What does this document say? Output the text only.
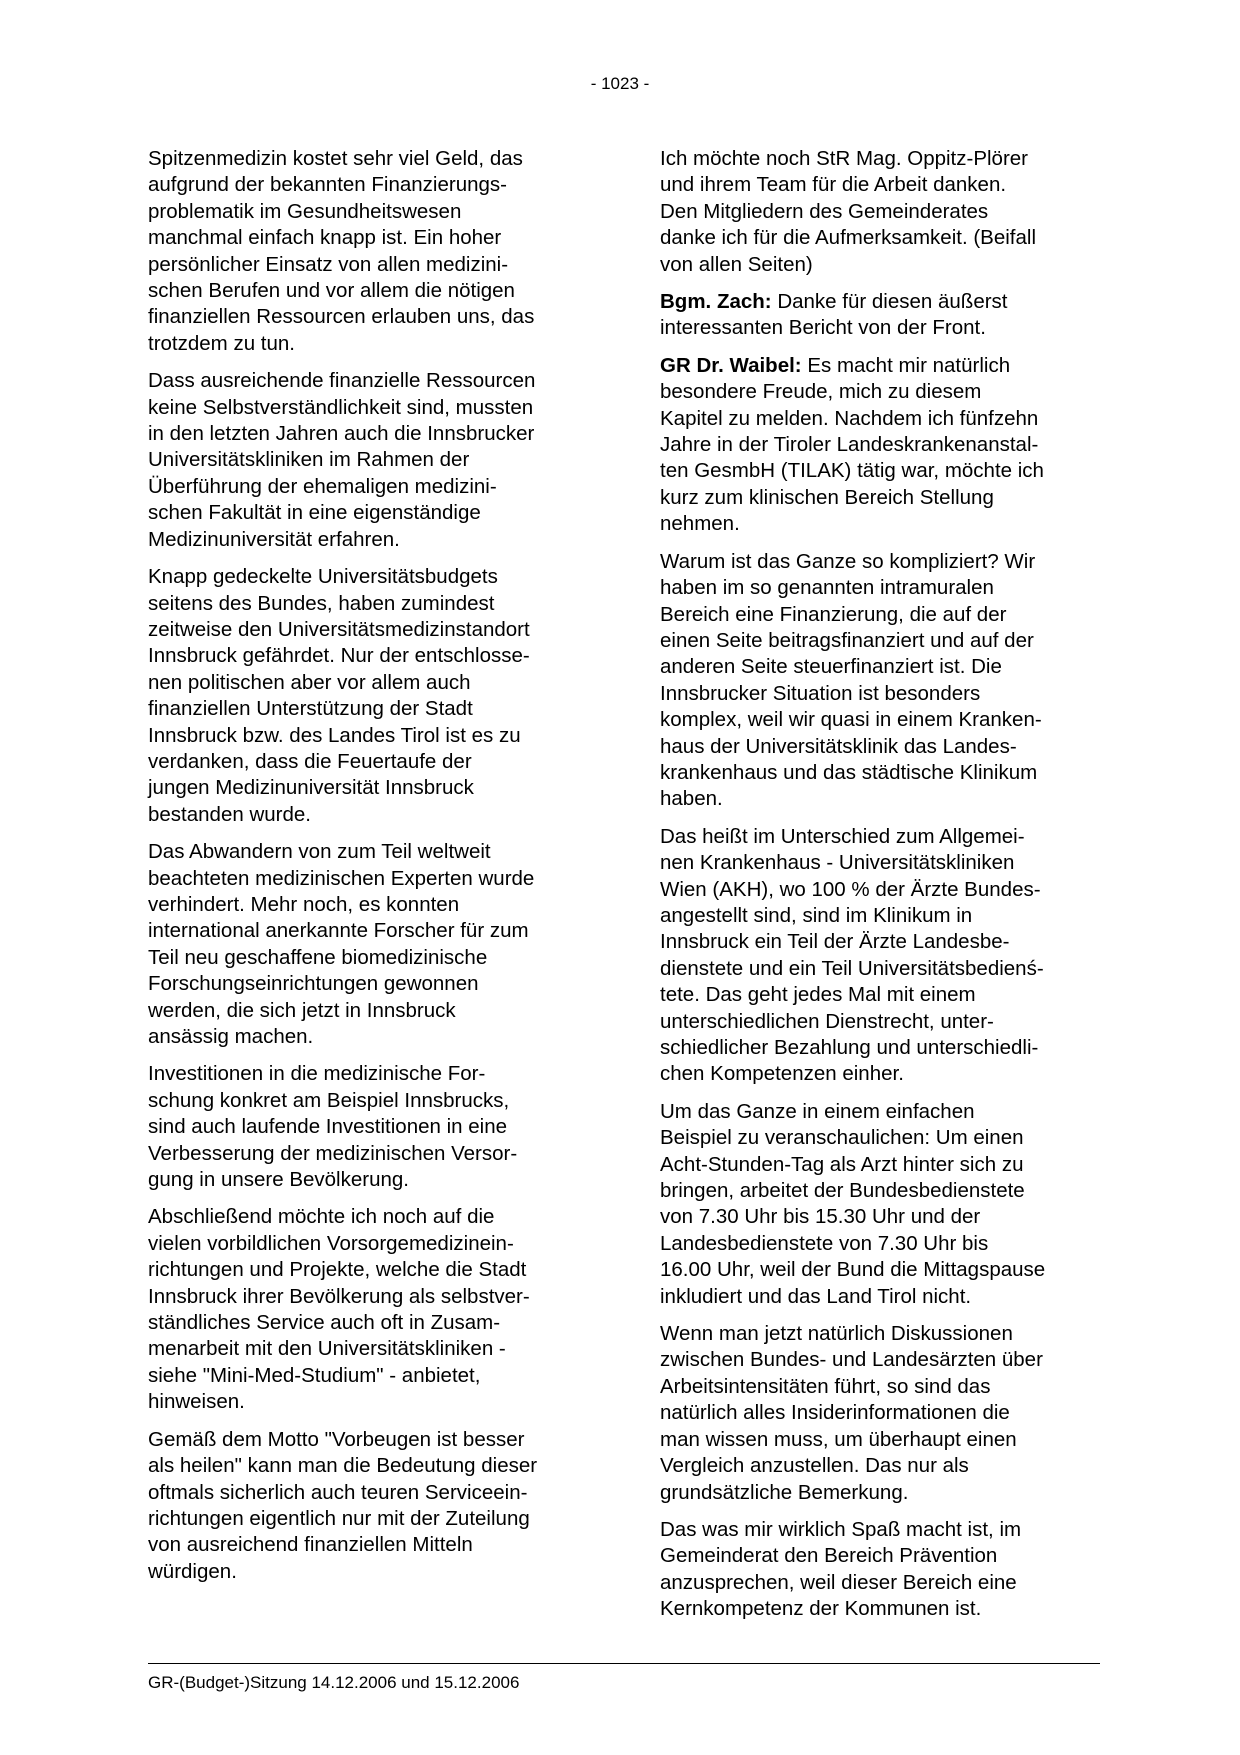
- 1023 -

Spitzenmedizin kostet sehr viel Geld, das
aufgrund der bekannten Finanzierungs-
problematik im Gesundheitswesen
manchmal einfach knapp ist. Ein hoher
persönlicher Einsatz von allen medizini-
schen Berufen und vor allem die nötigen
finanziellen Ressourcen erlauben uns, das
trotzdem zu tun.

Dass ausreichende finanzielle Ressourcen
keine Selbstverständlichkeit sind, mussten
in den letzten Jahren auch die Innsbrucker
Universitätskliniken im Rahmen der
Überführung der ehemaligen medizini-
schen Fakultät in eine eigenständige
Medizinuniversität erfahren.

Knapp gedeckelte Universitätsbudgets
seitens des Bundes, haben zumindest
zeitweise den Universitätsmedizinstandort
Innsbruck gefährdet. Nur der entschlosse-
nen politischen aber vor allem auch
finanziellen Unterstützung der Stadt
Innsbruck bzw. des Landes Tirol ist es zu
verdanken, dass die Feuertaufe der
jungen Medizinuniversität Innsbruck
bestanden wurde.

Das Abwandern von zum Teil weltweit
beachteten medizinischen Experten wurde
verhindert. Mehr noch, es konnten
international anerkannte Forscher für zum
Teil neu geschaffene biomedizinische
Forschungseinrichtungen gewonnen
werden, die sich jetzt in Innsbruck
ansässig machen.

Investitionen in die medizinische For-
schung konkret am Beispiel Innsbrucks,
sind auch laufende Investitionen in eine
Verbesserung der medizinischen Versor-
gung in unsere Bevölkerung.

Abschließend möchte ich noch auf die
vielen vorbildlichen Vorsorgemedizinein-
richtungen und Projekte, welche die Stadt
Innsbruck ihrer Bevölkerung als selbstver-
ständliches Service auch oft in Zusam-
menarbeit mit den Universitätskliniken -
siehe "Mini-Med-Studium" - anbietet,
hinweisen.

Gemäß dem Motto "Vorbeugen ist besser
als heilen" kann man die Bedeutung dieser
oftmals sicherlich auch teuren Serviceein-
richtungen eigentlich nur mit der Zuteilung
von ausreichend finanziellen Mitteln
würdigen.

Ich möchte noch StR Mag. Oppitz-Plörer
und ihrem Team für die Arbeit danken.
Den Mitgliedern des Gemeinderates
danke ich für die Aufmerksamkeit. (Beifall
von allen Seiten)

Bgm. Zach: Danke für diesen äußerst
interessanten Bericht von der Front.

GR Dr. Waibel: Es macht mir natürlich
besondere Freude, mich zu diesem
Kapitel zu melden. Nachdem ich fünfzehn
Jahre in der Tiroler Landeskrankenanstal-
ten GesmbH (TILAK) tätig war, möchte ich
kurz zum klinischen Bereich Stellung
nehmen.

Warum ist das Ganze so kompliziert? Wir
haben im so genannten intramuralen
Bereich eine Finanzierung, die auf der
einen Seite beitragsfinanziert und auf der
anderen Seite steuerfinanziert ist. Die
Innsbrucker Situation ist besonders
komplex, weil wir quasi in einem Kranken-
haus der Universitätsklinik das Landes-
krankenhaus und das städtische Klinikum
haben.

Das heißt im Unterschied zum Allgemei-
nen Krankenhaus - Universitätskliniken
Wien (AKH), wo 100 % der Ärzte Bundes-
angestellt sind, sind im Klinikum in
Innsbruck ein Teil der Ärzte Landesbe-
dienstete und ein Teil Universitätsbedienś-
tete. Das geht jedes Mal mit einem
unterschiedlichen Dienstrecht, unter-
schiedlicher Bezahlung und unterschiedli-
chen Kompetenzen einher.

Um das Ganze in einem einfachen
Beispiel zu veranschaulichen: Um einen
Acht-Stunden-Tag als Arzt hinter sich zu
bringen, arbeitet der Bundesbedienstete
von 7.30 Uhr bis 15.30 Uhr und der
Landesbedienstete von 7.30 Uhr bis
16.00 Uhr, weil der Bund die Mittagspause
inkludiert und das Land Tirol nicht.

Wenn man jetzt natürlich Diskussionen
zwischen Bundes- und Landesärzten über
Arbeitsintensitäten führt, so sind das
natürlich alles Insiderinformationen die
man wissen muss, um überhaupt einen
Vergleich anzustellen. Das nur als
grundsätzliche Bemerkung.

Das was mir wirklich Spaß macht ist, im
Gemeinderat den Bereich Prävention
anzusprechen, weil dieser Bereich eine
Kernkompetenz der Kommunen ist.

GR-(Budget-)Sitzung 14.12.2006 und 15.12.2006
